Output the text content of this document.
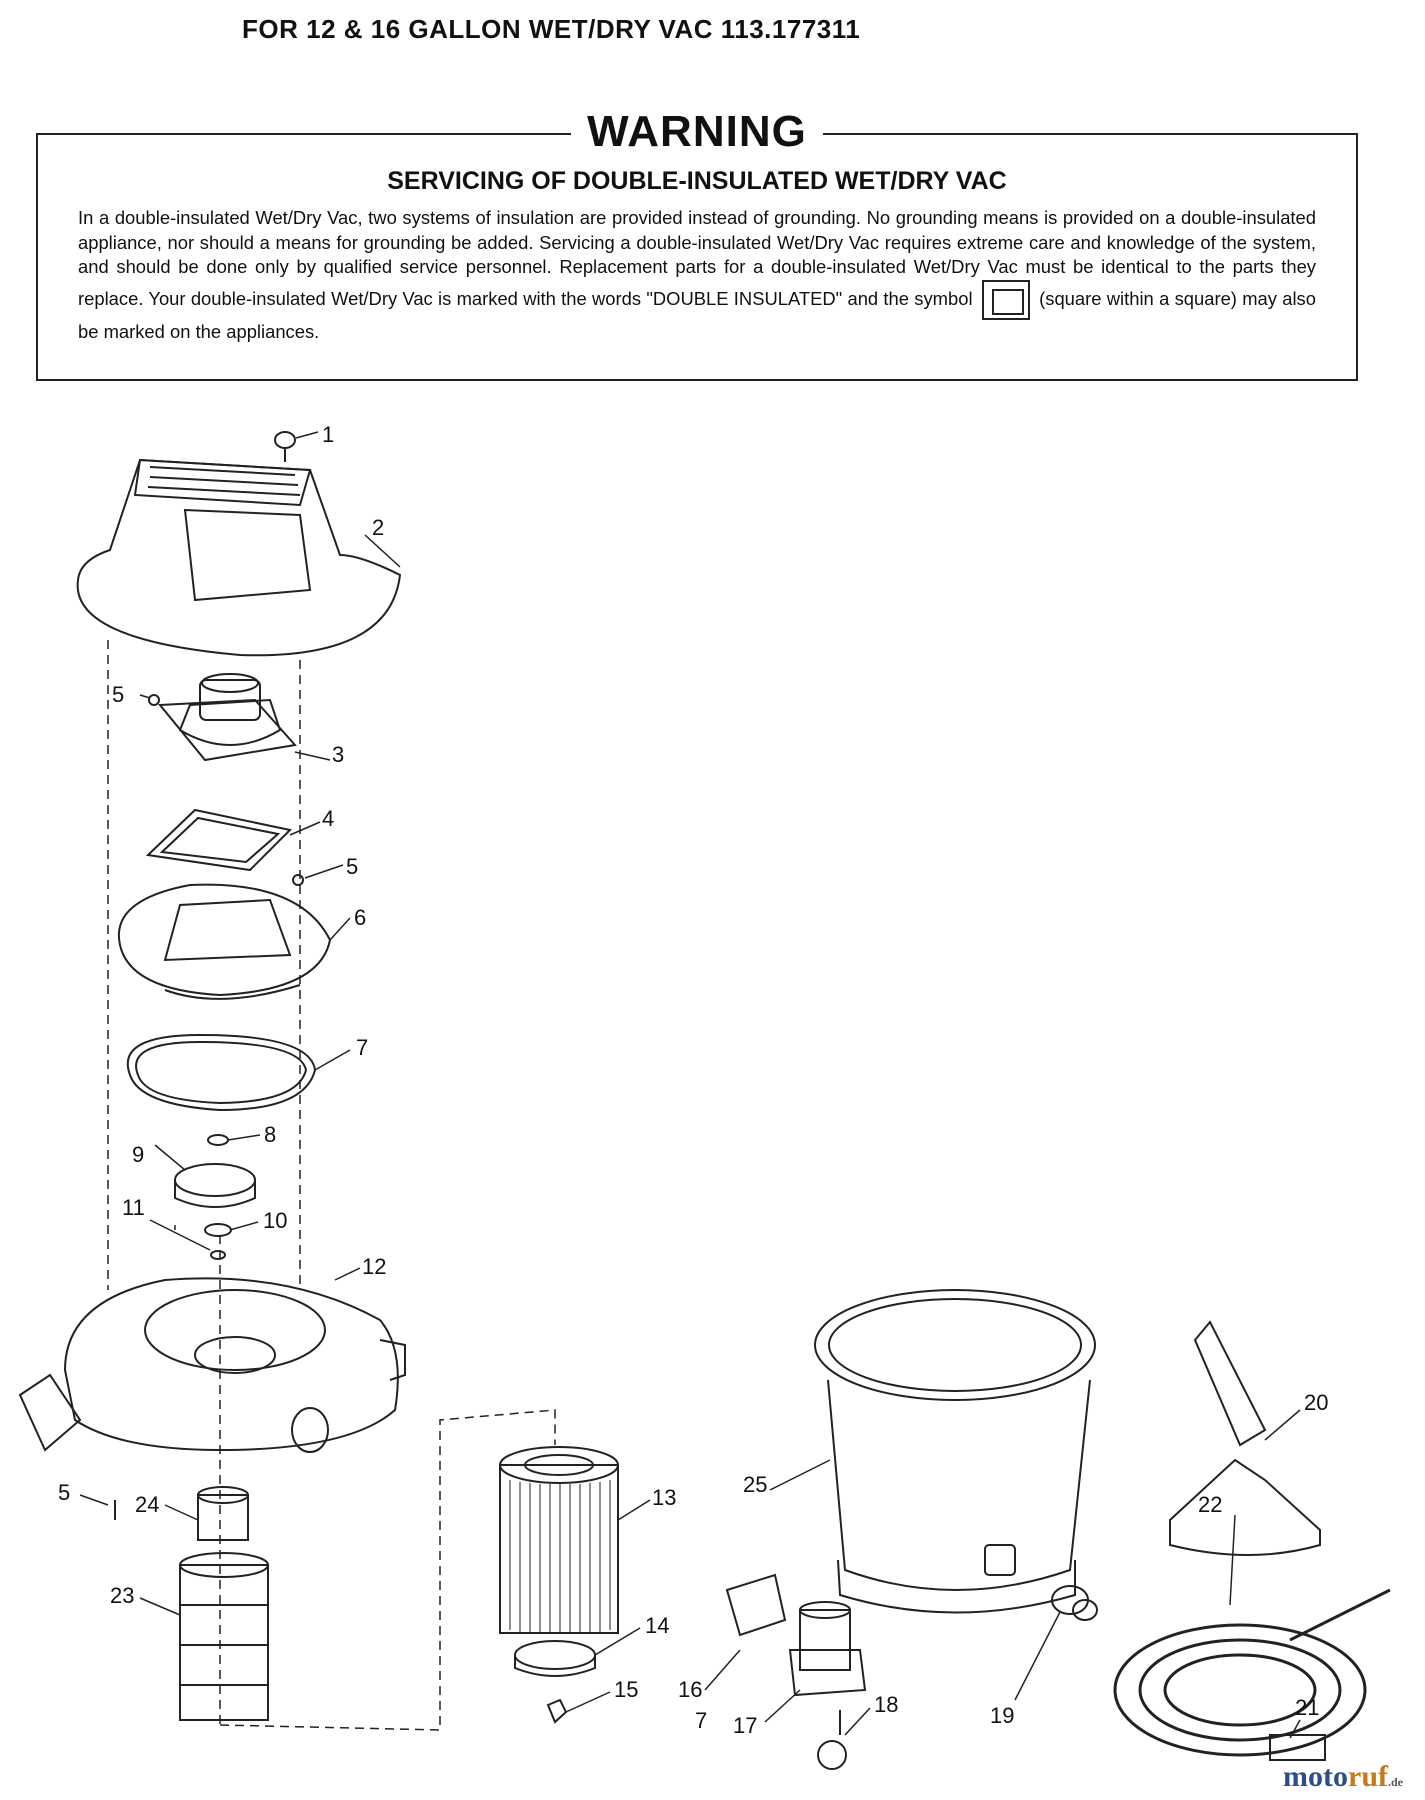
FOR 12 & 16 GALLON WET/DRY VAC 113.177311
WARNING
SERVICING OF DOUBLE-INSULATED WET/DRY VAC
In a double-insulated Wet/Dry Vac, two systems of insulation are provided instead of grounding. No grounding means is provided on a double-insulated appliance, nor should a means for grounding be added. Servicing a double-insulated Wet/Dry Vac requires extreme care and knowledge of the system, and should be done only by qualified service personnel. Replacement parts for a double-insulated Wet/Dry Vac must be identical to the parts they replace. Your double-insulated Wet/Dry Vac is marked with the words "DOUBLE INSULATED" and the symbol	(square within a square) may also be marked on the appliances.
1
2
5
3
4
5
6
7
8
9
10
11
12
5	24
23
13
14
15 16
7 17
18	19
25
20
22
21
motoruf.de
